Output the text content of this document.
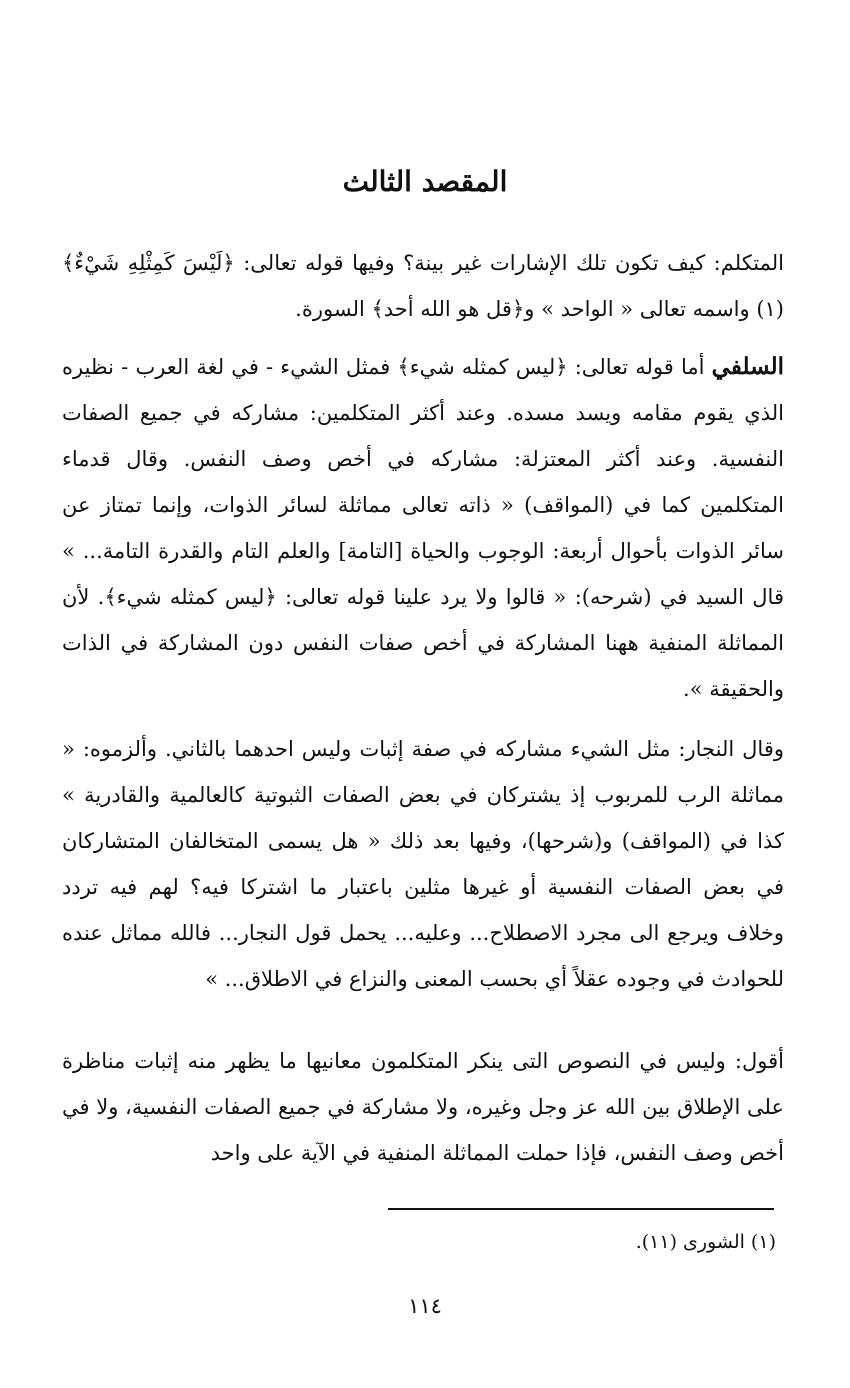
المقصد الثالث

المتكلم: كيف تكون تلك الإشارات غير بينة؟ وفيها قوله تعالى: ﴿لَيْسَ كَمِثْلِهِ شَيْءٌ﴾ (١) واسمه تعالى « الواحد » و﴿قل هو الله أحد﴾ السورة.

السلفي أما قوله تعالى: ﴿ليس كمثله شيء﴾ فمثل الشيء - في لغة العرب - نظيره الذي يقوم مقامه ويسد مسده. وعند أكثر المتكلمين: مشاركه في جميع الصفات النفسية. وعند أكثر المعتزلة: مشاركه في أخص وصف النفس. وقال قدماء المتكلمين كما في (المواقف) « ذاته تعالى مماثلة لسائر الذوات، وإنما تمتاز عن سائر الذوات بأحوال أربعة: الوجوب والحياة [التامة] والعلم التام والقدرة التامة... » قال السيد في (شرحه): « قالوا ولا يرد علينا قوله تعالى: ﴿ليس كمثله شيء﴾. لأن المماثلة المنفية ههنا المشاركة في أخص صفات النفس دون المشاركة في الذات والحقيقة ».

وقال النجار: مثل الشيء مشاركه في صفة إثبات وليس احدهما بالثاني. وألزموه: « مماثلة الرب للمربوب إذ يشتركان في بعض الصفات الثبوتية كالعالمية والقادرية » كذا في (المواقف) و(شرحها)، وفيها بعد ذلك « هل يسمى المتخالفان المتشاركان في بعض الصفات النفسية أو غيرها مثلين باعتبار ما اشتركا فيه؟ لهم فيه تردد وخلاف ويرجع الى مجرد الاصطلاح... وعليه... يحمل قول النجار... فالله مماثل عنده للحوادث في وجوده عقلاً أي بحسب المعنى والنزاع في الاطلاق... »

أقول: وليس في النصوص التى ينكر المتكلمون معانيها ما يظهر منه إثبات مناظرة على الإطلاق بين الله عز وجل وغيره، ولا مشاركة في جميع الصفات النفسية، ولا في أخص وصف النفس، فإذا حملت المماثلة المنفية في الآية على واحد

(١) الشورى (١١).

١١٤
